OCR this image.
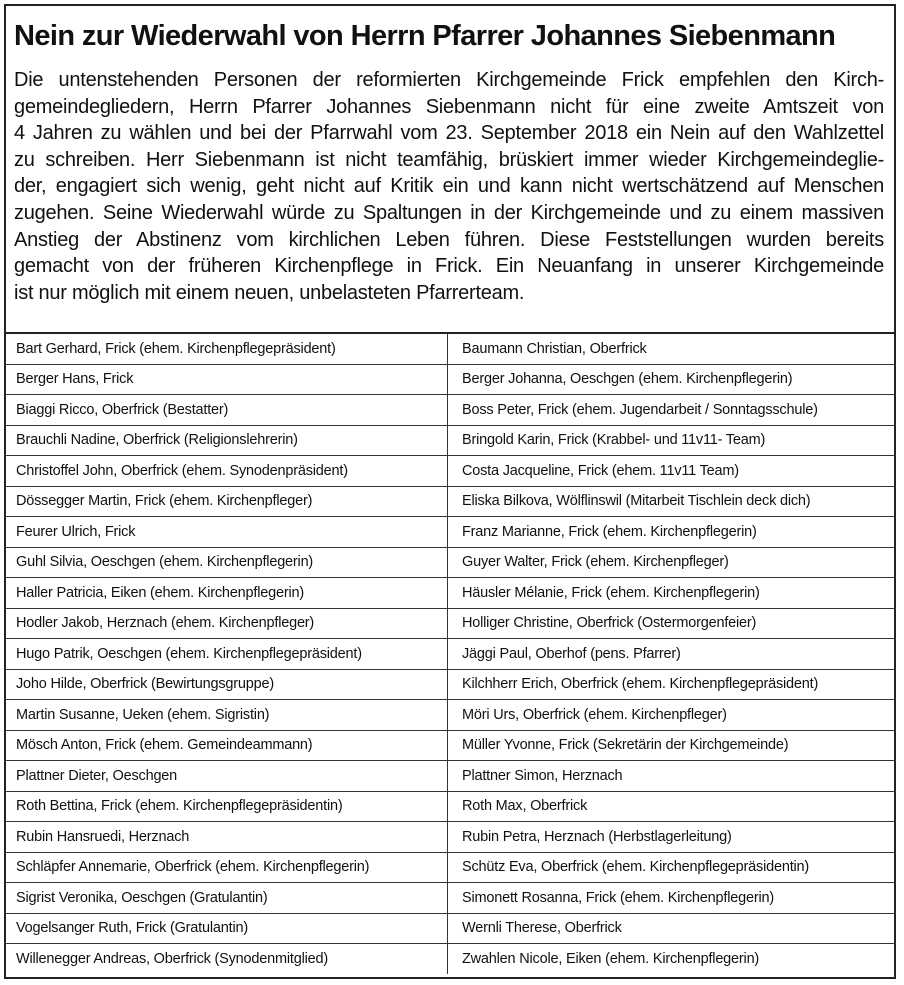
Nein zur Wiederwahl von Herrn Pfarrer Johannes Siebenmann
Die untenstehenden Personen der reformierten Kirchgemeinde Frick empfehlen den Kirch-
gemeindegliedern, Herrn Pfarrer Johannes Siebenmann nicht für eine zweite Amtszeit von
4 Jahren zu wählen und bei der Pfarrwahl vom 23. September 2018 ein Nein auf den Wahlzettel
zu schreiben. Herr Siebenmann ist nicht teamfähig, brüskiert immer wieder Kirchgemeindeglie-
der, engagiert sich wenig, geht nicht auf Kritik ein und kann nicht wertschätzend auf Menschen
zugehen. Seine Wiederwahl würde zu Spaltungen in der Kirchgemeinde und zu einem massiven
Anstieg der Abstinenz vom kirchlichen Leben führen. Diese Feststellungen wurden bereits
gemacht von der früheren Kirchenpflege in Frick. Ein Neuanfang in unserer Kirchgemeinde
ist nur möglich mit einem neuen, unbelasteten Pfarrerteam.
Bart Gerhard, Frick (ehem. Kirchenpflegepräsident)	Baumann Christian, Oberfrick
Berger Hans, Frick	Berger Johanna, Oeschgen (ehem. Kirchenpflegerin)
Biaggi Ricco, Oberfrick (Bestatter)	Boss Peter, Frick (ehem. Jugendarbeit / Sonntagsschule)
Brauchli Nadine, Oberfrick (Religionslehrerin)	Bringold Karin, Frick (Krabbel- und 11v11- Team)
Christoffel John, Oberfrick (ehem. Synodenpräsident)	Costa Jacqueline, Frick (ehem. 11v11 Team)
Dössegger Martin, Frick (ehem. Kirchenpfleger)	Eliska Bilkova, Wölflinswil (Mitarbeit Tischlein deck dich)
Feurer Ulrich, Frick	Franz Marianne, Frick (ehem. Kirchenpflegerin)
Guhl Silvia, Oeschgen (ehem. Kirchenpflegerin)	Guyer Walter, Frick (ehem. Kirchenpfleger)
Haller Patricia, Eiken (ehem. Kirchenpflegerin)	Häusler Mélanie, Frick (ehem. Kirchenpflegerin)
Hodler Jakob, Herznach (ehem. Kirchenpfleger)	Holliger Christine, Oberfrick (Ostermorgenfeier)
Hugo Patrik, Oeschgen (ehem. Kirchenpflegepräsident)	Jäggi Paul, Oberhof (pens. Pfarrer)
Joho Hilde, Oberfrick (Bewirtungsgruppe)	Kilchherr Erich, Oberfrick (ehem. Kirchenpflegepräsident)
Martin Susanne, Ueken (ehem. Sigristin)	Möri Urs, Oberfrick (ehem. Kirchenpfleger)
Mösch Anton, Frick (ehem. Gemeindeammann)	Müller Yvonne, Frick (Sekretärin der Kirchgemeinde)
Plattner Dieter, Oeschgen	Plattner Simon, Herznach
Roth Bettina, Frick (ehem. Kirchenpflegepräsidentin)	Roth Max, Oberfrick
Rubin Hansruedi, Herznach	Rubin Petra, Herznach (Herbstlagerleitung)
Schläpfer Annemarie, Oberfrick (ehem. Kirchenpflegerin)	Schütz Eva, Oberfrick (ehem. Kirchenpflegepräsidentin)
Sigrist Veronika, Oeschgen (Gratulantin)	Simonett Rosanna, Frick (ehem. Kirchenpflegerin)
Vogelsanger Ruth, Frick (Gratulantin)	Wernli Therese, Oberfrick
Willenegger Andreas, Oberfrick (Synodenmitglied)	Zwahlen Nicole, Eiken (ehem. Kirchenpflegerin)
